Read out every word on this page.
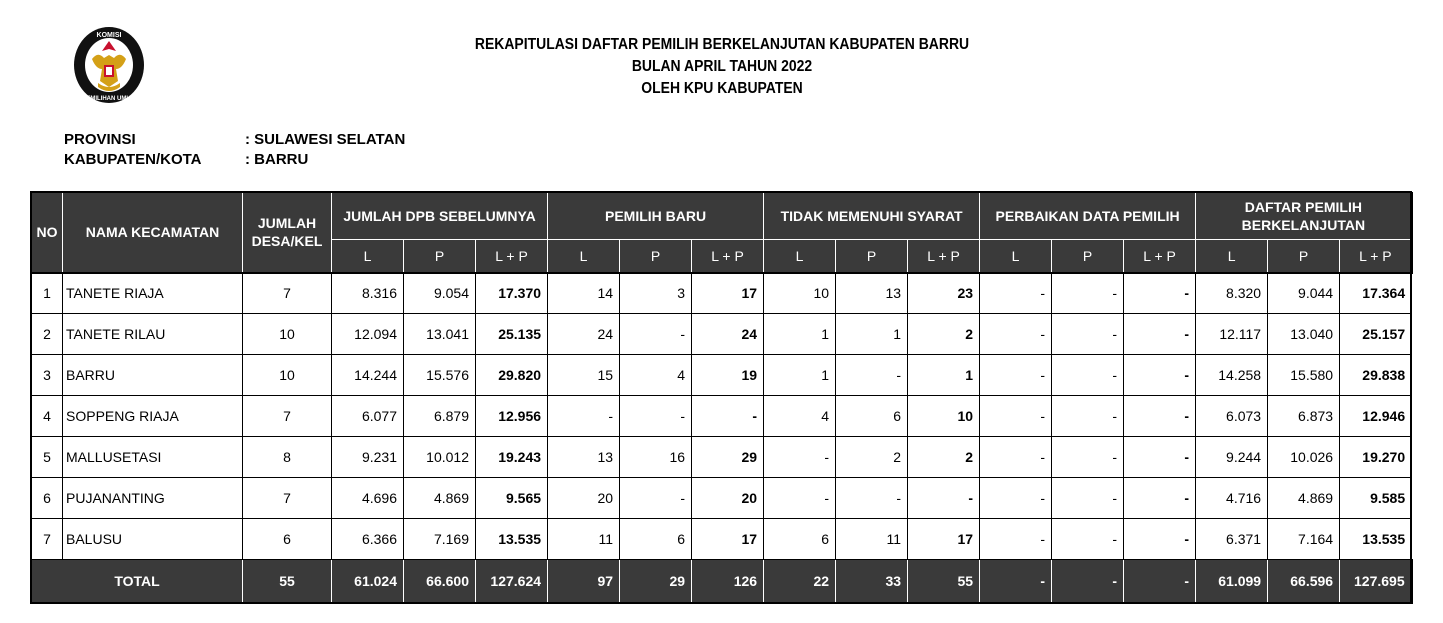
KOMISI
PEMILIHAN UMUM
REKAPITULASI DAFTAR PEMILIH BERKELANJUTAN KABUPATEN BARRU
BULAN APRIL TAHUN 2022
OLEH KPU KABUPATEN
PROVINSI	: SULAWESI SELATAN
KABUPATEN/KOTA	: BARRU
NO	NAMA KECAMATAN	JUMLAH DESA/KEL	JUMLAH DPB SEBELUMNYA			PEMILIH BARU			TIDAK MEMENUHI SYARAT			PERBAIKAN DATA PEMILIH			DAFTAR PEMILIH BERKELANJUTAN		
			L	P	L + P	L	P	L + P	L	P	L + P	L	P	L + P	L	P	L + P
1	TANETE RIAJA	7	8.316	9.054	17.370	14	3	17	10	13	23	-	-	-	8.320	9.044	17.364
2	TANETE RILAU	10	12.094	13.041	25.135	24	-	24	1	1	2	-	-	-	12.117	13.040	25.157
3	BARRU	10	14.244	15.576	29.820	15	4	19	1	-	1	-	-	-	14.258	15.580	29.838
4	SOPPENG RIAJA	7	6.077	6.879	12.956	-	-	-	4	6	10	-	-	-	6.073	6.873	12.946
5	MALLUSETASI	8	9.231	10.012	19.243	13	16	29	-	2	2	-	-	-	9.244	10.026	19.270
6	PUJANANTING	7	4.696	4.869	9.565	20	-	20	-	-	-	-	-	-	4.716	4.869	9.585
7	BALUSU	6	6.366	7.169	13.535	11	6	17	6	11	17	-	-	-	6.371	7.164	13.535
TOTAL		55	61.024	66.600	127.624	97	29	126	22	33	55	-	-	-	61.099	66.596	127.695
